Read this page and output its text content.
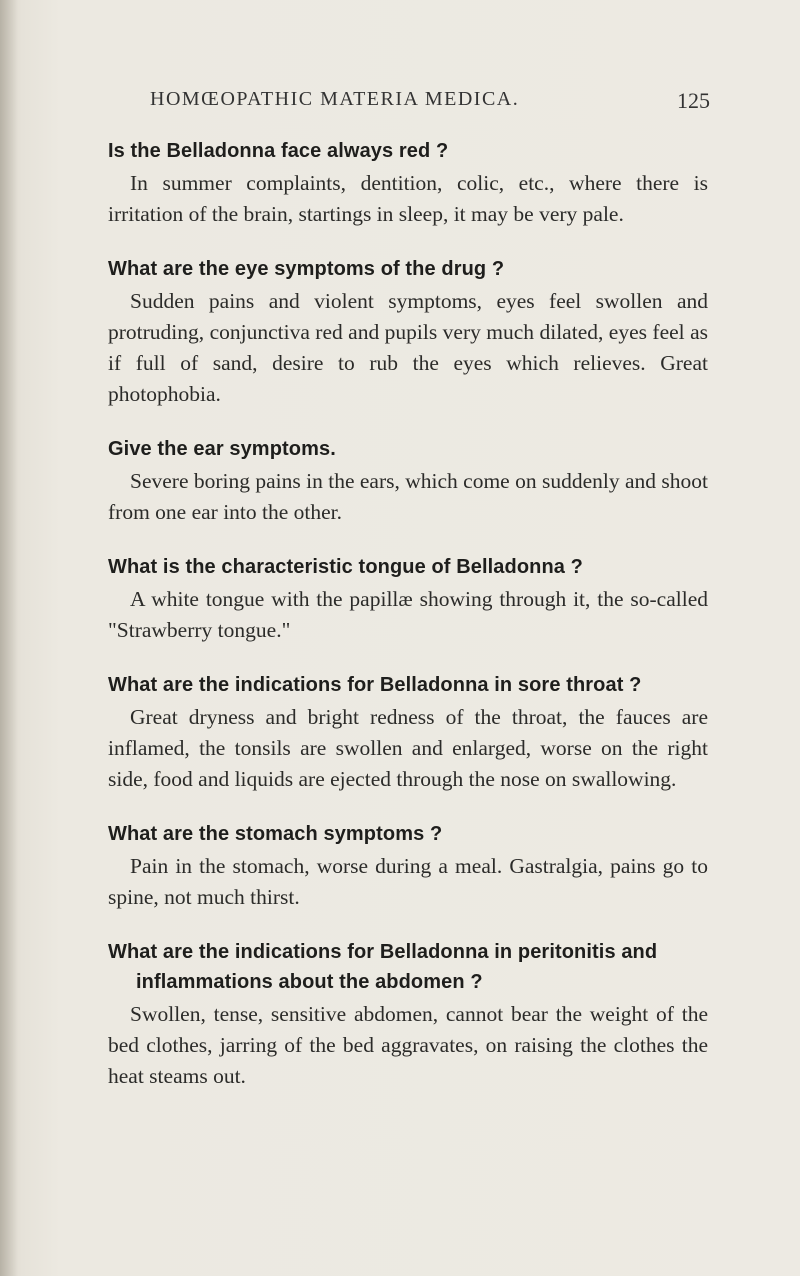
HOMŒOPATHIC MATERIA MEDICA.	125
Is the Belladonna face always red ?
In summer complaints, dentition, colic, etc., where there is irritation of the brain, startings in sleep, it may be very pale.
What are the eye symptoms of the drug ?
Sudden pains and violent symptoms, eyes feel swollen and protruding, conjunctiva red and pupils very much dilated, eyes feel as if full of sand, desire to rub the eyes which relieves. Great photophobia.
Give the ear symptoms.
Severe boring pains in the ears, which come on suddenly and shoot from one ear into the other.
What is the characteristic tongue of Belladonna ?
A white tongue with the papillæ showing through it, the so-called "Strawberry tongue."
What are the indications for Belladonna in sore throat ?
Great dryness and bright redness of the throat, the fauces are inflamed, the tonsils are swollen and enlarged, worse on the right side, food and liquids are ejected through the nose on swallowing.
What are the stomach symptoms ?
Pain in the stomach, worse during a meal. Gastralgia, pains go to spine, not much thirst.
What are the indications for Belladonna in peritonitis and inflammations about the abdomen ?
Swollen, tense, sensitive abdomen, cannot bear the weight of the bed clothes, jarring of the bed aggravates, on raising the clothes the heat steams out.
